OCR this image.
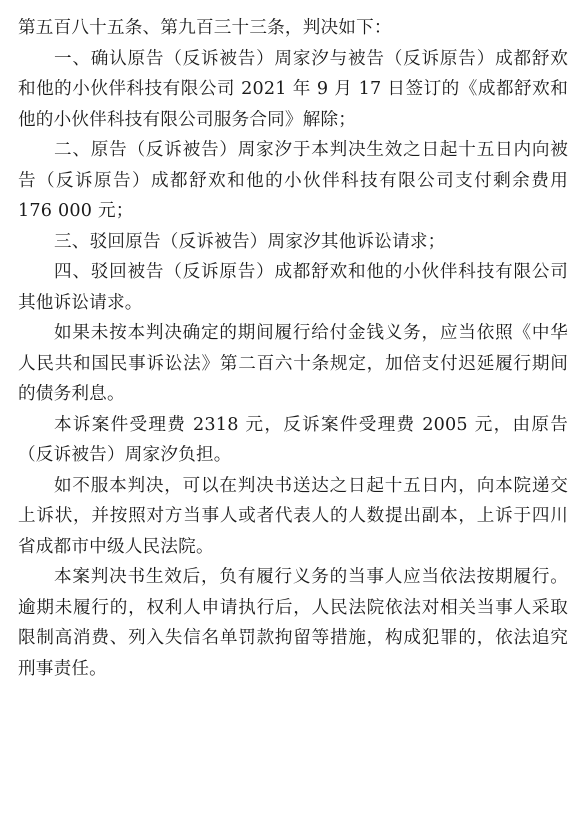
第五百八十五条、第九百三十三条，判决如下：

一、确认原告（反诉被告）周家汐与被告（反诉原告）成都舒欢和他的小伙伴科技有限公司 2021 年 9 月 17 日签订的《成都舒欢和他的小伙伴科技有限公司服务合同》解除；

二、原告（反诉被告）周家汐于本判决生效之日起十五日内向被告（反诉原告）成都舒欢和他的小伙伴科技有限公司支付剩余费用 176 000 元；

三、驳回原告（反诉被告）周家汐其他诉讼请求；

四、驳回被告（反诉原告）成都舒欢和他的小伙伴科技有限公司其他诉讼请求。

如果未按本判决确定的期间履行给付金钱义务，应当依照《中华人民共和国民事诉讼法》第二百六十条规定，加倍支付迟延履行期间的债务利息。

本诉案件受理费 2318 元，反诉案件受理费 2005 元，由原告（反诉被告）周家汐负担。

如不服本判决，可以在判决书送达之日起十五日内，向本院递交上诉状，并按照对方当事人或者代表人的人数提出副本，上诉于四川省成都市中级人民法院。

本案判决书生效后，负有履行义务的当事人应当依法按期履行。逾期未履行的，权利人申请执行后，人民法院依法对相关当事人采取限制高消费、列入失信名单罚款拘留等措施，构成犯罪的，依法追究刑事责任。
